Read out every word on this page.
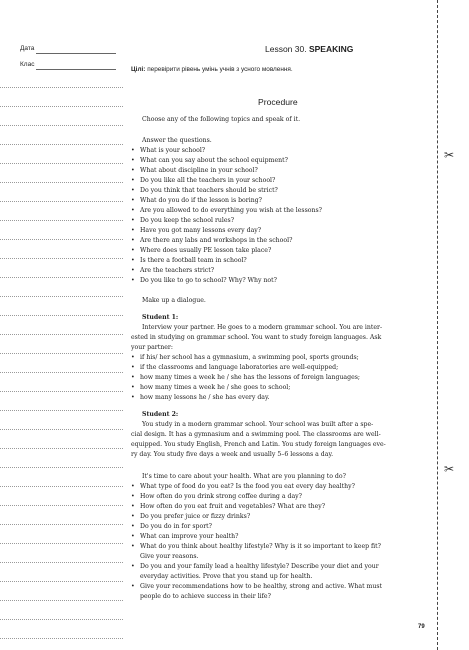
Дата
Клас
✂
✂
Lesson 30. SPEAKING
Цілі: перевірити рівень умінь учнів з усного мовлення.
Procedure
Choose any of the following topics and speak of it.

Answer the questions.

• What is your school?
• What can you say about the school equipment?
• What about discipline in your school?
• Do you like all the teachers in your school?
• Do you think that teachers should be strict?
• What do you do if the lesson is boring?
• Are you allowed to do everything you wish at the lessons?
• Do you keep the school rules?
• Have you got many lessons every day?
• Are there any labs and workshops in the school?
• Where does usually PE lesson take place?
• Is there a football team in school?
• Are the teachers strict?
• Do you like to go to school? Why? Why not?

Make up a dialogue.

Student 1:

Interview your partner. He goes to a modern grammar school. You are inter-

ested in studying on grammar school. You want to study foreign languages. Ask

your partner:

• if his/ her school has a gymnasium, a swimming pool, sports grounds;
• if the classrooms and language laboratories are well-equipped;
• how many times a week he / she has the lessons of foreign languages;
• how many times a week he / she goes to school;
• how many lessons he / she has every day.

Student 2:

You study in a modern grammar school. Your school was built after a spe-

cial design. It has a gymnasium and a swimming pool. The classrooms are well-

equipped. You study English, French and Latin. You study foreign languages eve-

ry day. You study five days a week and usually 5–6 lessons a day.

It's time to care about your health. What are you planning to do?

• What type of food do you eat? Is the food you eat every day healthy?
• How often do you drink strong coffee during a day?
• How often do you eat fruit and vegetables? What are they?
• Do you prefer juice or fizzy drinks?
• Do you do in for sport?
• What can improve your health?
• What do you think about healthy lifestyle? Why is it so important to keep fit?
Give your reasons.
• Do you and your family lead a healthy lifestyle? Describe your diet and your
everyday activities. Prove that you stand up for health.
• Give your recommendations how to be healthy, strong and active. What must
people do to achieve success in their life?
79
